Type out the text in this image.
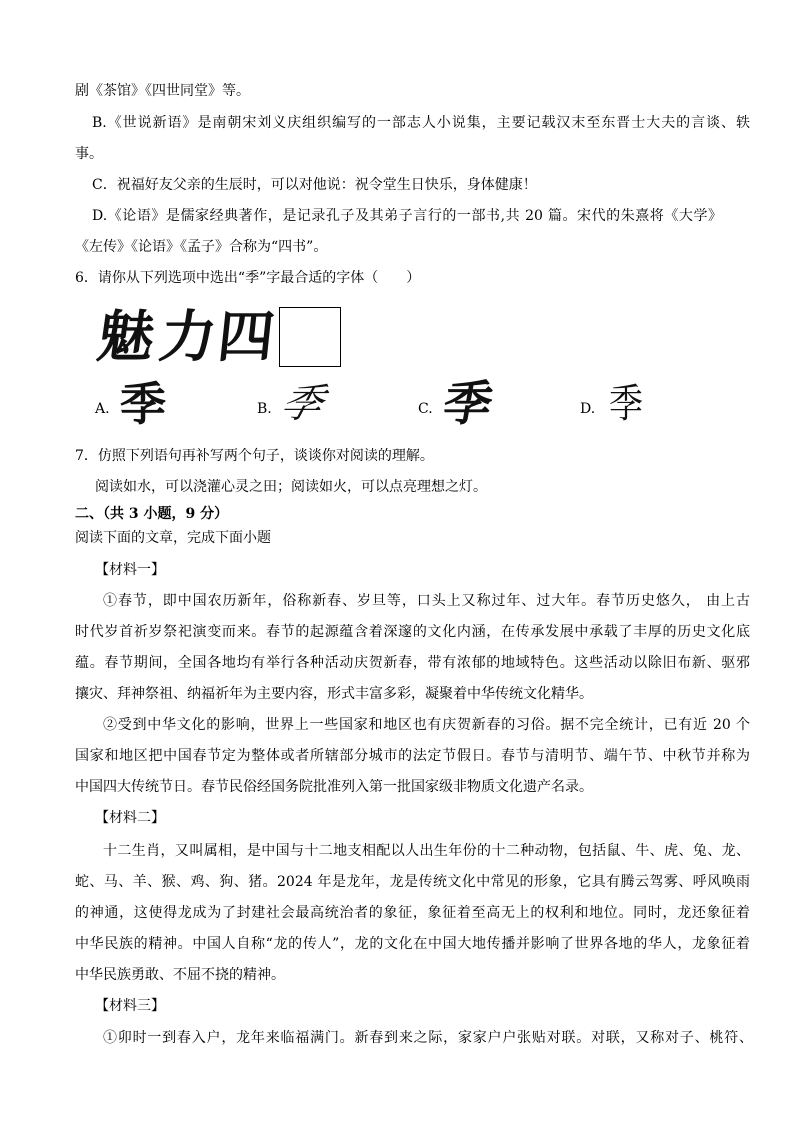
剧《茶馆》《四世同堂》等。
B.《世说新语》是南朝宋刘义庆组织编写的一部志人小说集，主要记载汉末至东晋士大夫的言谈、轶
事。
C．祝福好友父亲的生辰时，可以对他说：祝令堂生日快乐，身体健康！
D.《论语》是儒家经典著作，是记录孔子及其弟子言行的一部书,共 20 篇。宋代的朱熹将《大学》
《左传》《论语》《孟子》合称为“四书”。
6．请你从下列选项中选出“季”字最合适的字体（　　）
魅
力
四
A. 季	B. 季	C. 季	D. 季
7．仿照下列语句再补写两个句子，谈谈你对阅读的理解。
阅读如水，可以浇灌心灵之田；阅读如火，可以点亮理想之灯。
二、（共 3 小题，9 分）
阅读下面的文章，完成下面小题
【材料一】
①春节，即中国农历新年，俗称新春、岁旦等，口头上又称过年、过大年。春节历史悠久， 由上古
时代岁首祈岁祭祀演变而来。春节的起源蕴含着深邃的文化内涵，在传承发展中承载了丰厚的历史文化底
蕴。春节期间，全国各地均有举行各种活动庆贺新春，带有浓郁的地域特色。这些活动以除旧布新、驱邪
攘灾、拜神祭祖、纳福祈年为主要内容，形式丰富多彩，凝聚着中华传统文化精华。
②受到中华文化的影响，世界上一些国家和地区也有庆贺新春的习俗。据不完全统计，已有近 20 个
国家和地区把中国春节定为整体或者所辖部分城市的法定节假日。春节与清明节、端午节、中秋节并称为
中国四大传统节日。春节民俗经国务院批准列入第一批国家级非物质文化遗产名录。
【材料二】
十二生肖，又叫属相，是中国与十二地支相配以人出生年份的十二种动物，包括鼠、牛、虎、兔、龙、
蛇、马、羊、猴、鸡、狗、猪。2024 年是龙年，龙是传统文化中常见的形象，它具有腾云驾雾、呼风唤雨
的神通，这使得龙成为了封建社会最高统治者的象征，象征着至高无上的权利和地位。同时，龙还象征着
中华民族的精神。中国人自称“龙的传人”，龙的文化在中国大地传播并影响了世界各地的华人，龙象征着
中华民族勇敢、不屈不挠的精神。
【材料三】
①卯时一到春入户，龙年来临福满门。新春到来之际，家家户户张贴对联。对联，又称对子、桃符、
